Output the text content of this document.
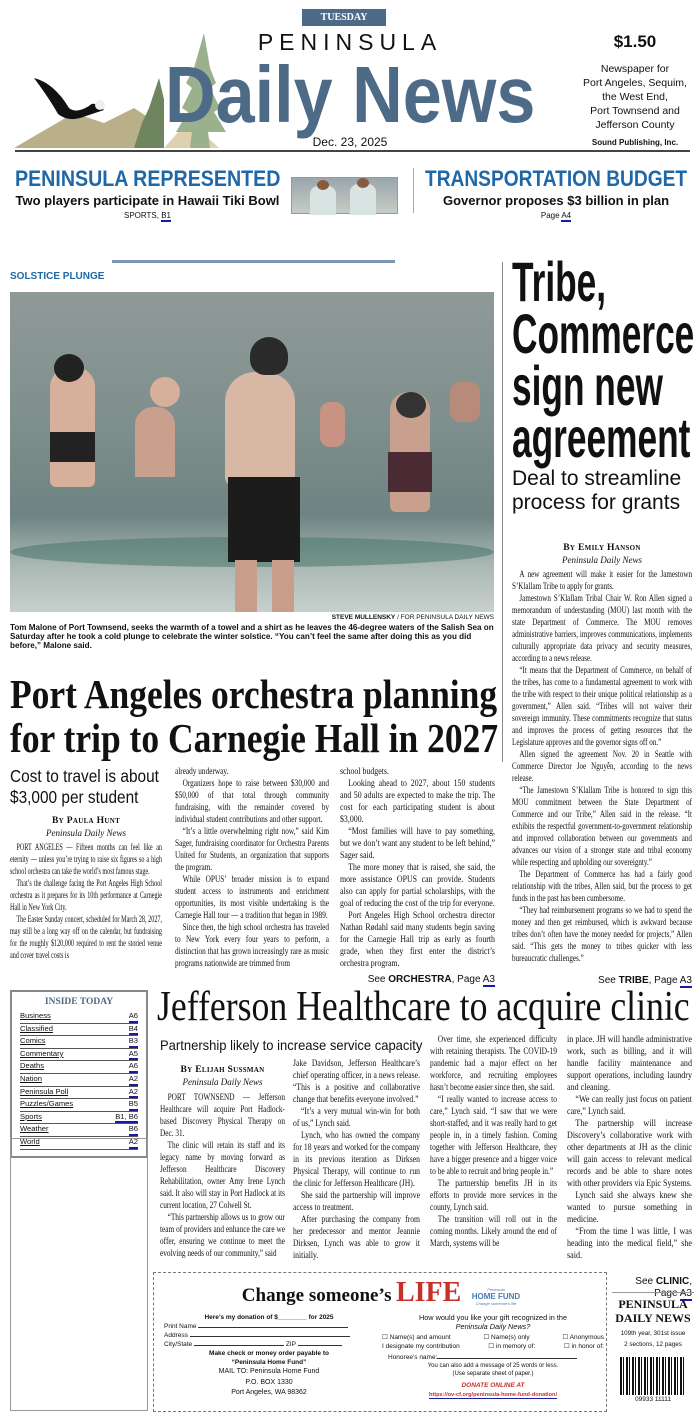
TUESDAY
PENINSULA
Daily News
Dec. 23, 2025
$1.50
Newspaper for
Port Angeles, Sequim,
the West End,
Port Townsend and
Jefferson County
Sound Publishing, Inc.
PENINSULA REPRESENTED
Two players participate in Hawaii Tiki Bowl
SPORTS, B1
TRANSPORTATION BUDGET
Governor proposes $3 billion in plan
Page A4
SOLSTICE PLUNGE
STEVE MULLENSKY / FOR PENINSULA DAILY NEWS
Tom Malone of Port Townsend, seeks the warmth of a towel and a shirt as he leaves the 46-degree waters of the Salish Sea on Saturday after he took a cold plunge to celebrate the winter solstice. “You can’t feel the same after doing this as you did before,” Malone said.
Tribe,
Commerce
sign new
agreement
Deal to streamline process for grants
By Emily Hanson
Peninsula Daily News

A new agreement will make it easier for the Jamestown S’Klallam Tribe to apply for grants.

Jamestown S’Klallam Tribal Chair W. Ron Allen signed a memorandum of understanding (MOU) last month with the state Department of Commerce. The MOU removes administrative barriers, improves communications, implements culturally appropriate data privacy and security measures, according to a news release.

“It means that the Department of Commerce, on behalf of the tribes, has come to a fundamental agreement to work with the tribe with respect to their unique political relationship as a government,” Allen said. “Tribes will not waiver their sovereign immunity. These commitments recognize that status and improves the process of getting resources that the Legislature approves and the governor signs off on.”

Allen signed the agreement Nov. 20 in Seattle with Commerce Director Joe Nguyễn, according to the news release.

“The Jamestown S’Klallam Tribe is honored to sign this MOU commitment between the State Department of Commerce and our Tribe,” Allen said in the release. “It exhibits the respectful government-to-government relationship and improved collaboration between our governments and advances our vision of a stronger state and tribal economy while respecting and upholding our sovereignty.”

The Department of Commerce has had a fairly good relationship with the tribes, Allen said, but the process to get funds in the past has been cumbersome.

“They had reimbursement programs so we had to spend the money and then get reimbursed, which is awkward because tribes don’t often have the money needed for projects,” Allen said. “This gets the money to tribes quicker with less bureaucratic challenges.”

See TRIBE, Page A3
Port Angeles orchestra planning
for trip to Carnegie Hall in 2027
Cost to travel is about $3,000 per student
By Paula Hunt
Peninsula Daily News

PORT ANGELES — Fifteen months can feel like an eternity — unless you’re trying to raise six figures so a high school orchestra can take the world’s most famous stage.

That’s the challenge facing the Port Angeles High School orchestra as it prepares for its 10th performance at Carnegie Hall in New York City.

The Easter Sunday concert, scheduled for March 28, 2027, may still be a long way off on the calendar, but fundraising for the roughly $120,000 required to rent the storied venue and cover travel costs is

already underway.

Organizers hope to raise between $30,000 and $50,000 of that total through community fundraising, with the remainder covered by individual student contributions and other support.

“It’s a little overwhelming right now,” said Kim Sager, fundraising coordinator for Orchestra Parents United for Students, an organization that supports the program.

While OPUS’ broader mission is to expand student access to instruments and enrichment opportunities, its most visible undertaking is the Carnegie Hall tour — a tradition that began in 1989.

Since then, the high school orchestra has traveled to New York every four years to perform, a distinction that has grown increasingly rare as music programs nationwide are trimmed from

school budgets.

Looking ahead to 2027, about 150 students and 50 adults are expected to make the trip. The cost for each participating student is about $3,000.

“Most families will have to pay something, but we don’t want any student to be left behind,” Sager said.

The more money that is raised, she said, the more assistance OPUS can provide. Students also can apply for partial scholarships, with the goal of reducing the cost of the trip for everyone.

Port Angeles High School orchestra director Nathan Rødahl said many students begin saving for the Carnegie Hall trip as early as fourth grade, when they first enter the district’s orchestra program.

See ORCHESTRA, Page A3
INSIDE TODAY
Business	A6
Classified	B4
Comics	B3
Commentary	A5
Deaths	A6
Nation	A2
Peninsula Poll	A2
Puzzles/Games	B5
Sports	B1, B6
Weather	B6
World	A2
Jefferson Healthcare to acquire clinic
Partnership likely to increase service capacity
By Elijah Sussman
Peninsula Daily News

PORT TOWNSEND — Jefferson Healthcare will acquire Port Hadlock-based Discovery Physical Therapy on Dec. 31.

The clinic will retain its staff and its legacy name by moving forward as Jefferson Healthcare Discovery Rehabilitation, owner Amy Irene Lynch said. It also will stay in Port Hadlock at its current location, 27 Colwell St.

“This partnership allows us to grow our team of providers and enhance the care we offer, ensuring we continue to meet the evolving needs of our community,” said

Jake Davidson, Jefferson Healthcare’s chief operating officer, in a news release. “This is a positive and collaborative change that benefits everyone involved.”

“It’s a very mutual win-win for both of us,” Lynch said.

Lynch, who has owned the company for 18 years and worked for the company in its previous iteration as Dirksen Physical Therapy, will continue to run the clinic for Jefferson Healthcare (JH).

She said the partnership will improve access to treatment.

After purchasing the company from her predecessor and mentor Jeannie Dirksen, Lynch was able to grow it initially.

Over time, she experienced difficulty with retaining therapists. The COVID-19 pandemic had a major effect on her workforce, and recruiting employees hasn’t become easier since then, she said.

“I really wanted to increase access to care,” Lynch said. “I saw that we were short-staffed, and it was really hard to get people in, in a timely fashion. Coming together with Jefferson Healthcare, they have a bigger presence and a bigger voice to be able to recruit and bring people in.”

The partnership benefits JH in its efforts to provide more services in the county, Lynch said.

The transition will roll out in the coming months. Likely around the end of March, systems will be

in place. JH will handle administrative work, such as billing, and it will handle facility maintenance and support operations, including laundry and cleaning.

“We can really just focus on patient care,” Lynch said.

The partnership will increase Discovery’s collaborative work with other departments at JH as the clinic will gain access to relevant medical records and be able to share notes with other providers via Epic Systems.

Lynch said she always knew she wanted to pursue something in medicine.

“From the time I was little, I was heading into the medical field,” she said.

See CLINIC, Page A3
Change someone’s LIFE	Peninsula
HOME FUND
Change someone's life
Here’s my donation of $________ for 2025
Print Name
Address
City/State	ZIP
Make check or money order payable to
“Peninsula Home Fund”
MAIL TO: Peninsula Home Fund
P.O. BOX 1330
Port Angeles, WA 98362
How would you like your gift recognized in the
Peninsula Daily News?
☐ Name(s) and amount	☐ Name(s) only	☐ Anonymous
I designate my contribution	☐ in memory of:	☐ in honor of:
Honoree’s name:
You can also add a message of 25 words or less.
(Use separate sheet of paper.)
DONATE ONLINE AT
https://ov-cf.org/peninsula-home-fund-donation/
PENINSULA
DAILY NEWS
109th year, 301st issue
2 sections, 12 pages
09933 11111
